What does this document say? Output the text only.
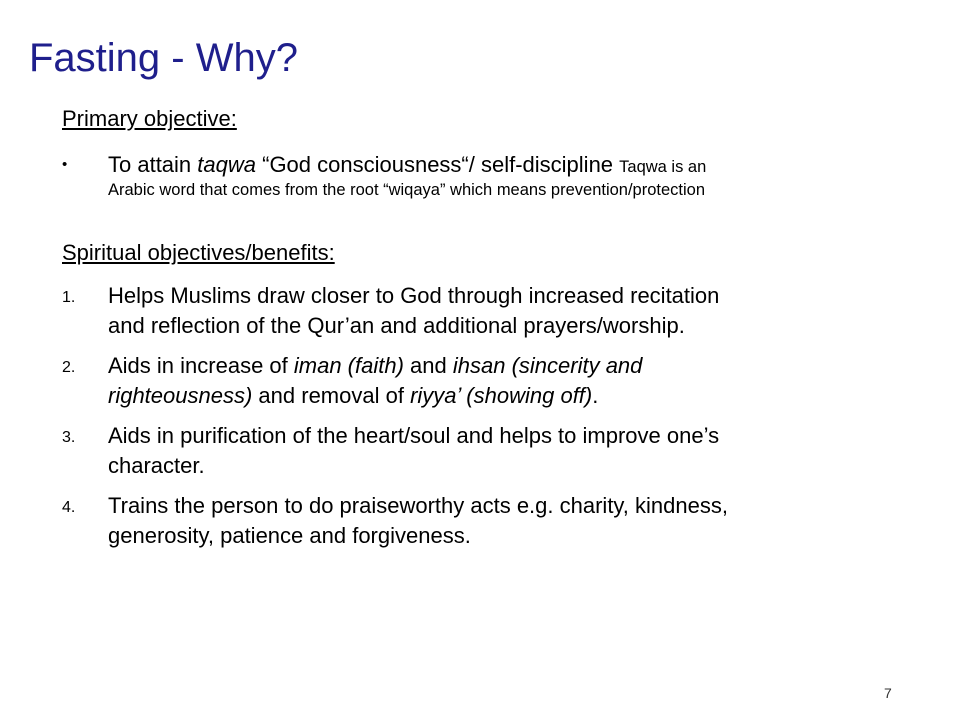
Fasting - Why?
Primary objective:
• To attain taqwa “God consciousness“/ self-discipline Taqwa is an
Arabic word that comes from the root “wiqaya” which means prevention/protection
Spiritual objectives/benefits:
1. Helps Muslims draw closer to God through increased recitation
and reflection of the Qur’an and additional prayers/worship.
2. Aids in increase of iman (faith) and ihsan (sincerity and
righteousness) and removal of riyya’ (showing off).
3. Aids in purification of the heart/soul and helps to improve one’s
character.
4. Trains the person to do praiseworthy acts e.g. charity, kindness,
generosity, patience and forgiveness.
7
